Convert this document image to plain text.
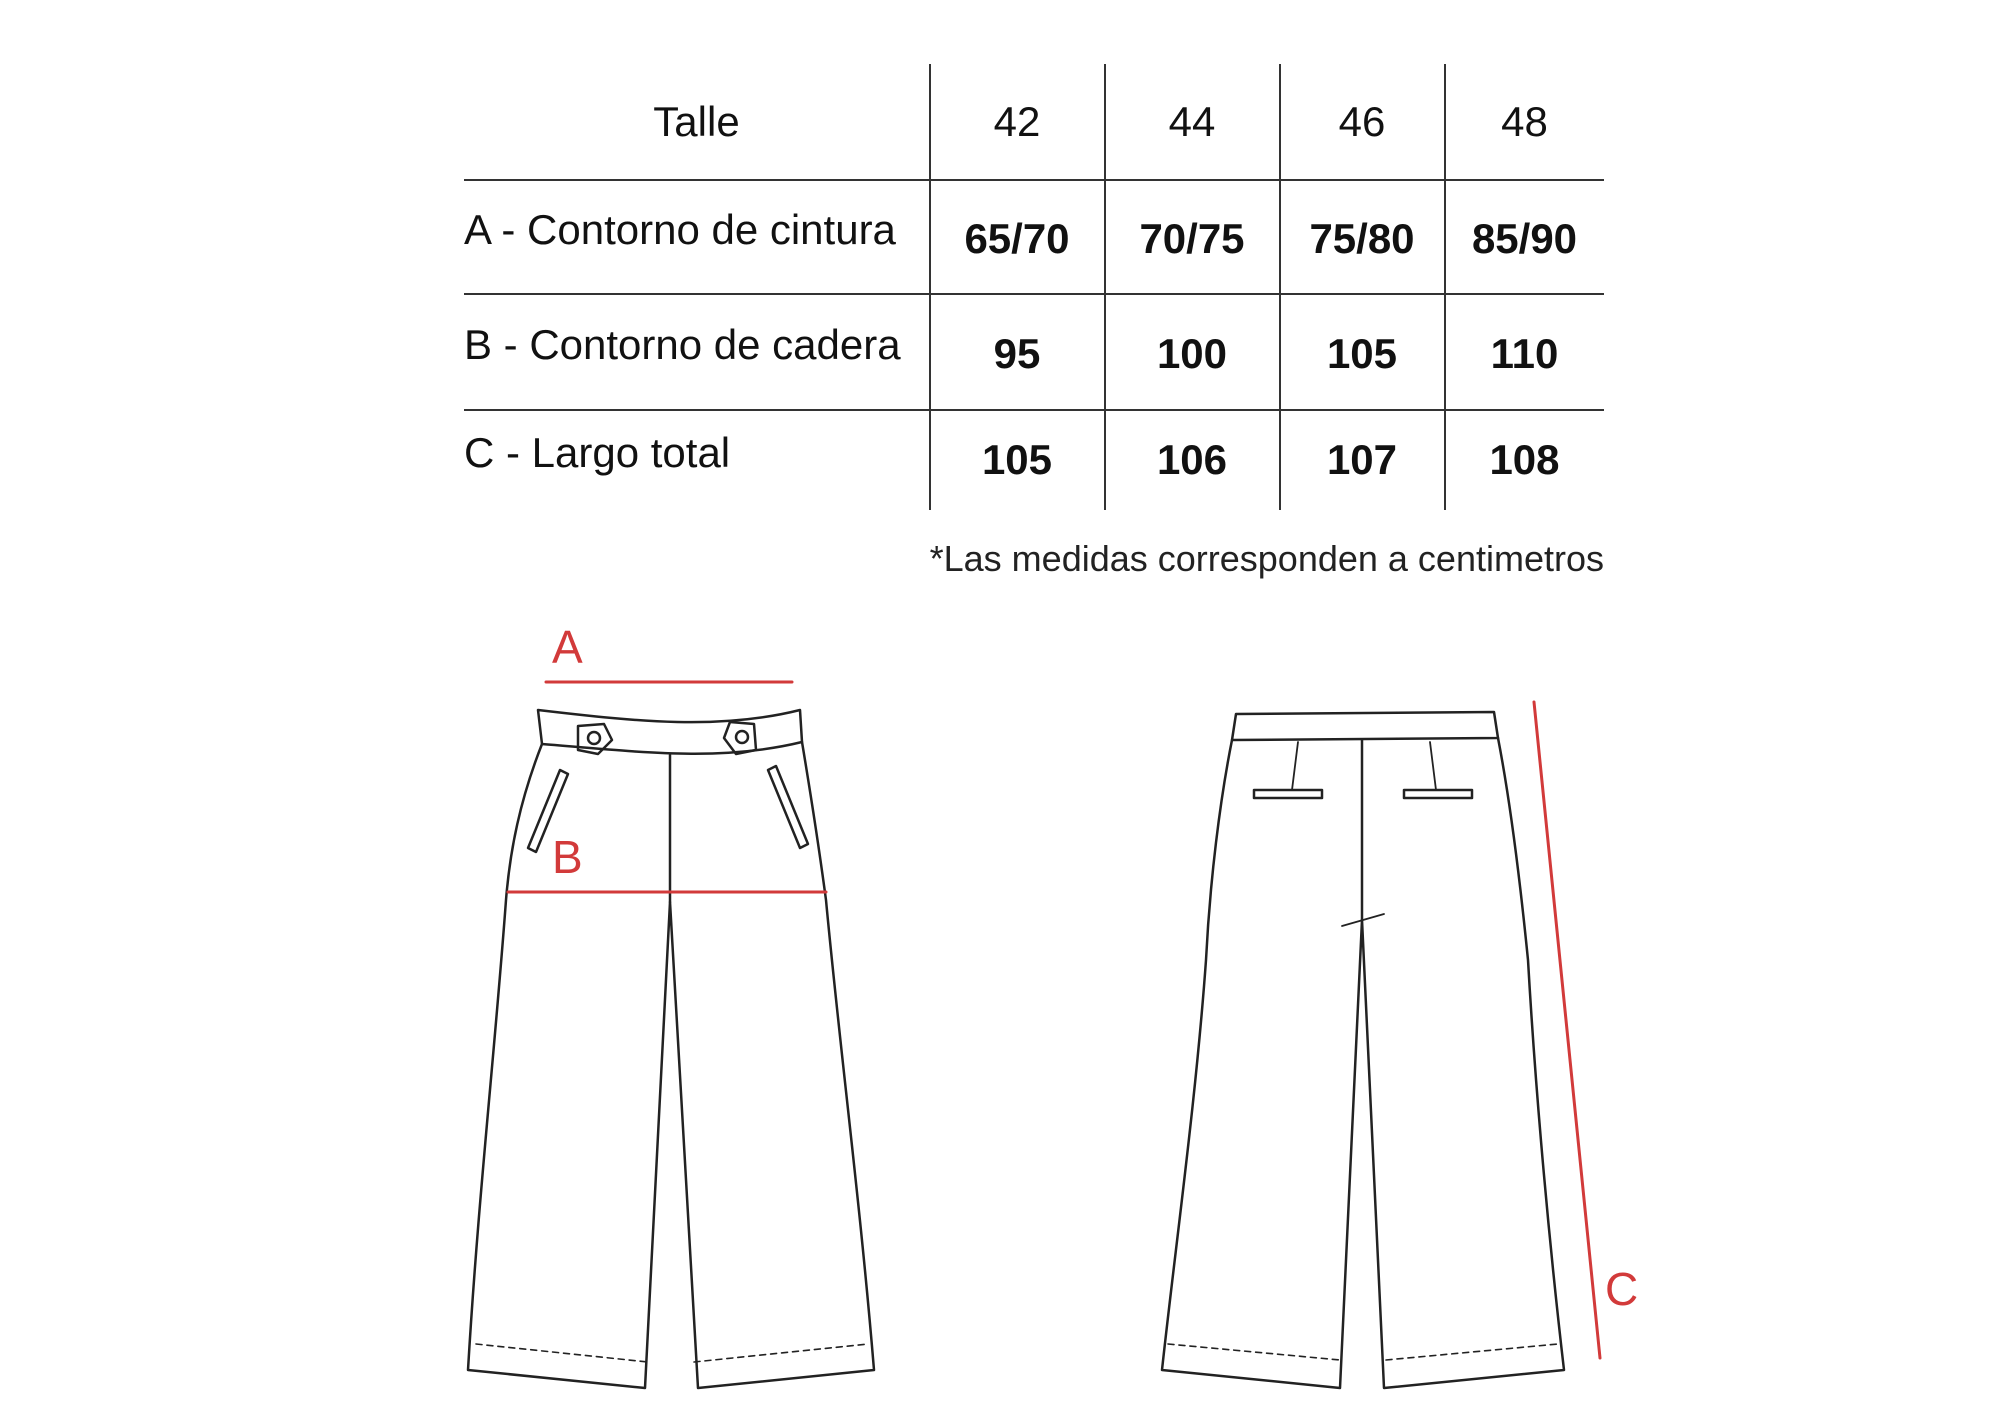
Talle	42	44	46	48
A - Contorno de cintura	65/70	70/75	75/80	85/90
B - Contorno de cadera	95	100	105	110
C - Largo total	105	106	107	108
*Las medidas corresponden a centimetros
A
B
C
